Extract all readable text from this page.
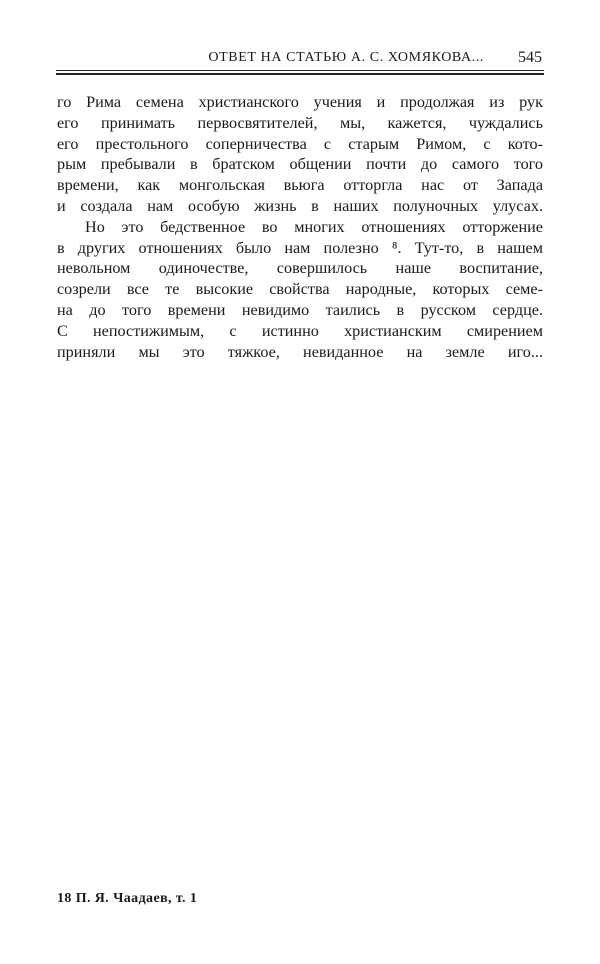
ОТВЕТ НА СТАТЬЮ А. С. ХОМЯКОВА... 545
го Рима семена христианского учения и продолжая из рук
его принимать первосвятителей, мы, кажется, чуждались
его престольного соперничества с старым Римом, с кото-
рым пребывали в братском общении почти до самого того
времени, как монгольская вьюга отторгла нас от Запада
и создала нам особую жизнь в наших полуночных улусах.
Но это бедственное во многих отношениях отторжение
в других отношениях было нам полезно ⁸. Тут-то, в нашем
невольном одиночестве, совершилось наше воспитание,
созрели все те высокие свойства народные, которых семе-
на до того времени невидимо таились в русском сердце.
С непостижимым, с истинно христианским смирением
приняли мы это тяжкое, невиданное на земле иго...
18 П. Я. Чаадаев, т. 1
